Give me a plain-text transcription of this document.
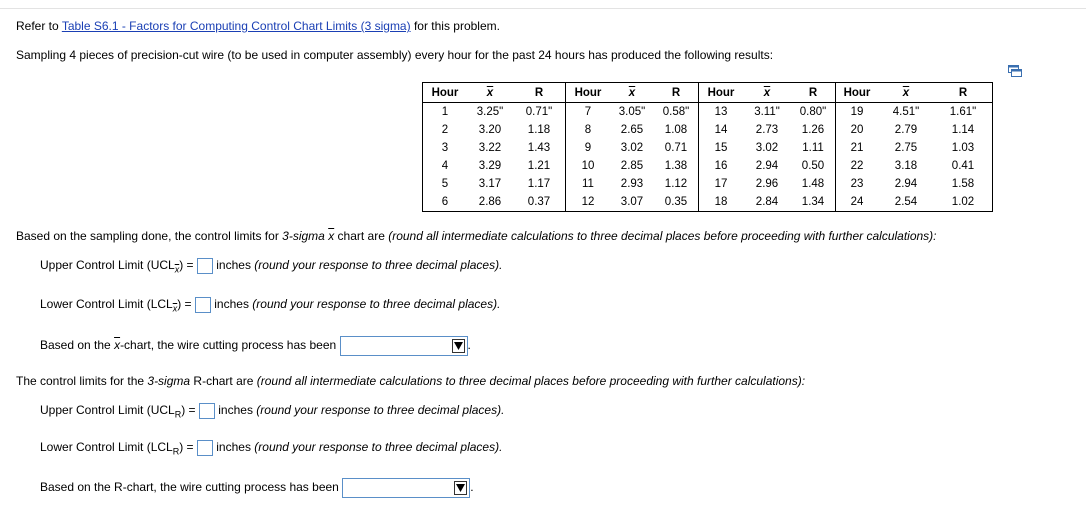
Refer to Table S6.1 - Factors for Computing Control Chart Limits (3 sigma) for this problem.
Sampling 4 pieces of precision-cut wire (to be used in computer assembly) every hour for the past 24 hours has produced the following results:
Hour	$\overline{x}$	R	Hour	$\overline{x}$	R	Hour	$\overline{x}$	R	Hour	$\overline{x}$	R
1	3.25"	0.71"	7	3.05"	0.58"	13	3.11"	0.80"	19	4.51"	1.61"
2	3.20	1.18	8	2.65	1.08	14	2.73	1.26	20	2.79	1.14
3	3.22	1.43	9	3.02	0.71	15	3.02	1.11	21	2.75	1.03
4	3.29	1.21	10	2.85	1.38	16	2.94	0.50	22	3.18	0.41
5	3.17	1.17	11	2.93	1.12	17	2.96	1.48	23	2.94	1.58
6	2.86	0.37	12	3.07	0.35	18	2.84	1.34	24	2.54	1.02
Based on the sampling done, the control limits for 3-sigma $\overline{x}$ chart are (round all intermediate calculations to three decimal places before proceeding with further calculations):
Upper Control Limit $(UCL_{\overline{x}})$ = inches (round your response to three decimal places).
Lower Control Limit $(LCL_{\overline{x}})$ = inches (round your response to three decimal places).
Based on the $\overline{x}$-chart, the wire cutting process has been	.
The control limits for the 3-sigma R-chart are (round all intermediate calculations to three decimal places before proceeding with further calculations):
Upper Control Limit $(UCL_R)$ = inches (round your response to three decimal places).
Lower Control Limit $(LCL_R)$ = inches (round your response to three decimal places).
Based on the R-chart, the wire cutting process has been	.
